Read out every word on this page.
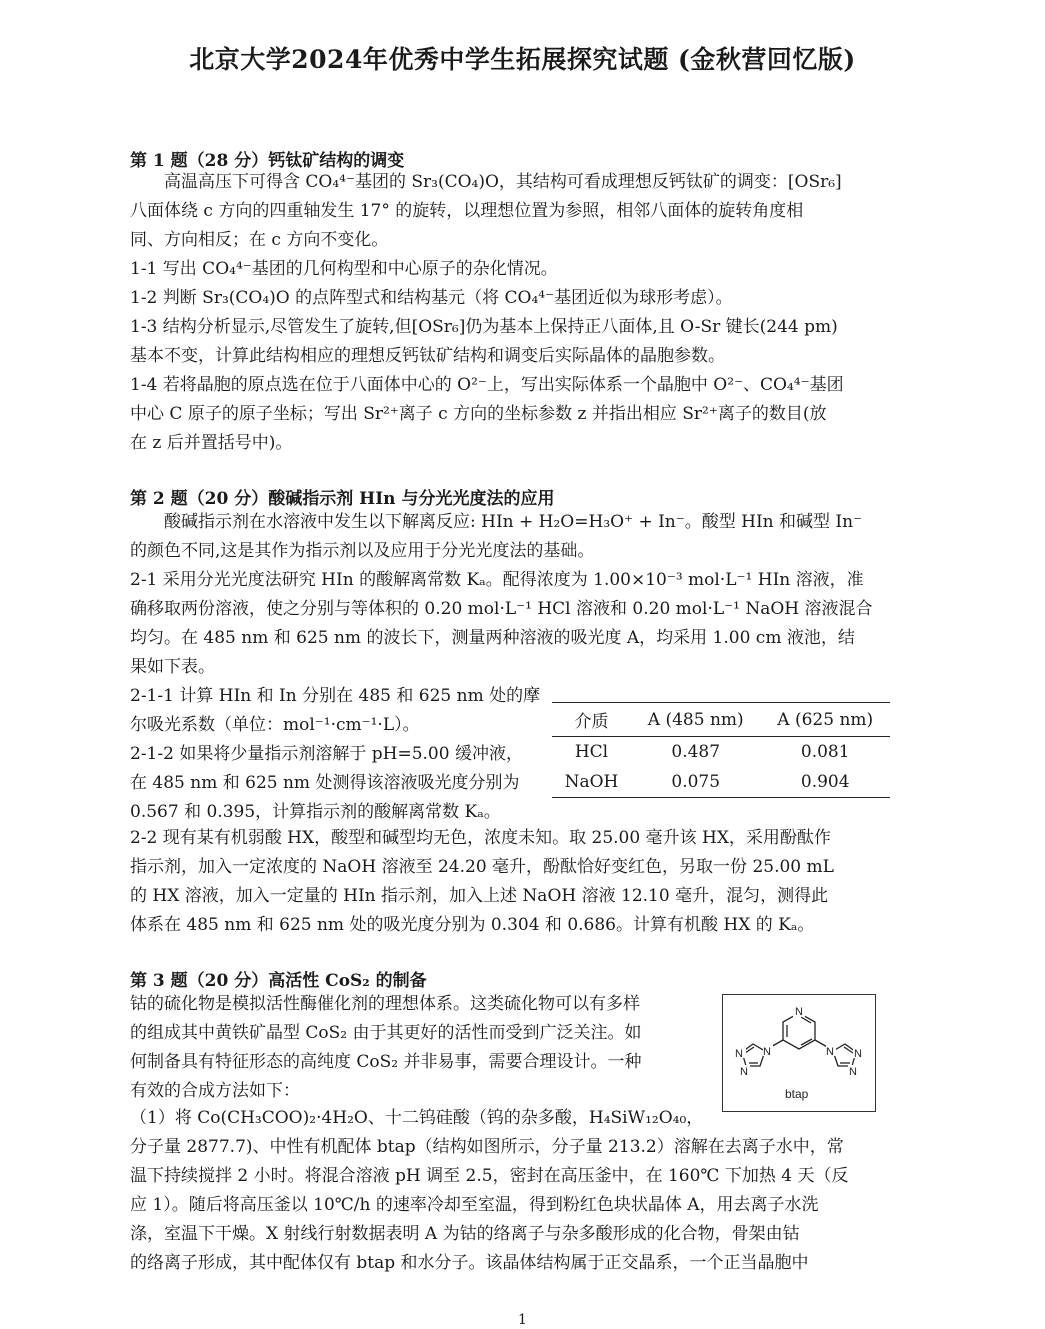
北京大学2024年优秀中学生拓展探究试题 (金秋营回忆版)
第 1 题（28 分）钙钛矿结构的调变
高温高压下可得含 CO₄⁴⁻基团的 Sr₃(CO₄)O，其结构可看成理想反钙钛矿的调变：[OSr₆]
八面体绕 c 方向的四重轴发生 17° 的旋转，以理想位置为参照，相邻八面体的旋转角度相
同、方向相反；在 c 方向不变化。
1-1 写出 CO₄⁴⁻基团的几何构型和中心原子的杂化情况。
1-2 判断 Sr₃(CO₄)O 的点阵型式和结构基元（将 CO₄⁴⁻基团近似为球形考虑）。
1-3 结构分析显示,尽管发生了旋转,但[OSr₆]仍为基本上保持正八面体,且 O-Sr 键长(244 pm)
基本不变，计算此结构相应的理想反钙钛矿结构和调变后实际晶体的晶胞参数。
1-4 若将晶胞的原点选在位于八面体中心的 O²⁻上，写出实际体系一个晶胞中 O²⁻、CO₄⁴⁻基团
中心 C 原子的原子坐标；写出 Sr²⁺离子 c 方向的坐标参数 z 并指出相应 Sr²⁺离子的数目(放
在 z 后并置括号中)。
第 2 题（20 分）酸碱指示剂 HIn 与分光光度法的应用
酸碱指示剂在水溶液中发生以下解离反应: HIn + H₂O=H₃O⁺ + In⁻。酸型 HIn 和碱型 In⁻
的颜色不同,这是其作为指示剂以及应用于分光光度法的基础。
2-1 采用分光光度法研究 HIn 的酸解离常数 Kₐ。配得浓度为 1.00×10⁻³ mol·L⁻¹ HIn 溶液，准
确移取两份溶液，使之分别与等体积的 0.20 mol·L⁻¹ HCl 溶液和 0.20 mol·L⁻¹ NaOH 溶液混合
均匀。在 485 nm 和 625 nm 的波长下，测量两种溶液的吸光度 A，均采用 1.00 cm 液池，结
果如下表。
2-1-1 计算 HIn 和 In 分别在 485 和 625 nm 处的摩
尔吸光系数（单位：mol⁻¹·cm⁻¹·L）。
2-1-2 如果将少量指示剂溶解于 pH=5.00 缓冲液，
在 485 nm 和 625 nm 处测得该溶液吸光度分别为
0.567 和 0.395，计算指示剂的酸解离常数 Kₐ。
2-2 现有某有机弱酸 HX，酸型和碱型均无色，浓度未知。取 25.00 毫升该 HX，采用酚酞作
指示剂，加入一定浓度的 NaOH 溶液至 24.20 毫升，酚酞恰好变红色，另取一份 25.00 mL
的 HX 溶液，加入一定量的 HIn 指示剂，加入上述 NaOH 溶液 12.10 毫升，混匀，测得此
体系在 485 nm 和 625 nm 处的吸光度分别为 0.304 和 0.686。计算有机酸 HX 的 Kₐ。
介质	A (485 nm)	A (625 nm)
HCl	0.487	0.081
NaOH	0.075	0.904
第 3 题（20 分）高活性 CoS₂ 的制备
钴的硫化物是模拟活性酶催化剂的理想体系。这类硫化物可以有多样
的组成其中黄铁矿晶型 CoS₂ 由于其更好的活性而受到广泛关注。如
何制备具有特征形态的高纯度 CoS₂ 并非易事，需要合理设计。一种
有效的合成方法如下：
（1）将 Co(CH₃COO)₂·4H₂O、十二钨硅酸（钨的杂多酸，H₄SiW₁₂O₄₀，
分子量 2877.7)、中性有机配体 btap（结构如图所示，分子量 213.2）溶解在去离子水中，常
温下持续搅拌 2 小时。将混合溶液 pH 调至 2.5，密封在高压釜中，在 160℃ 下加热 4 天（反
应 1）。随后将高压釜以 10℃/h 的速率冷却至室温，得到粉红色块状晶体 A，用去离子水洗
涤，室温下干燥。X 射线行射数据表明 A 为钴的络离子与杂多酸形成的化合物，骨架由钴
的络离子形成，其中配体仅有 btap 和水分子。该晶体结构属于正交晶系，一个正当晶胞中
N
N
N
N
N N
N
btap
1
